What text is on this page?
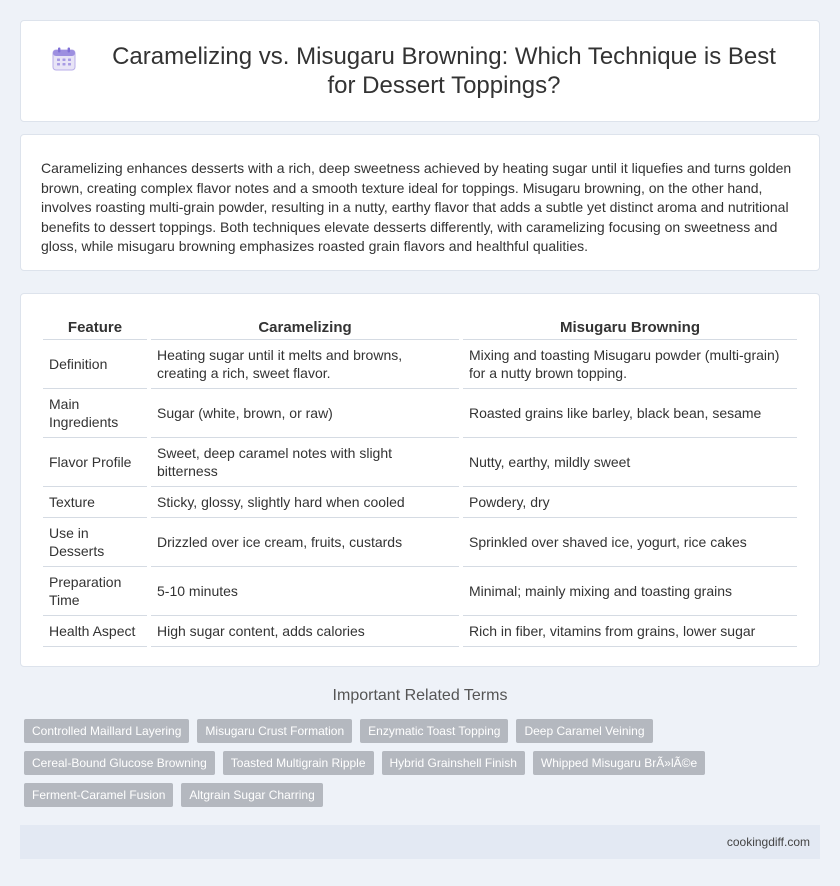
Caramelizing vs. Misugaru Browning: Which Technique is Best for Dessert Toppings?

Caramelizing enhances desserts with a rich, deep sweetness achieved by heating sugar until it liquefies and turns golden brown, creating complex flavor notes and a smooth texture ideal for toppings. Misugaru browning, on the other hand, involves roasting multi-grain powder, resulting in a nutty, earthy flavor that adds a subtle yet distinct aroma and nutritional benefits to dessert toppings. Both techniques elevate desserts differently, with caramelizing focusing on sweetness and gloss, while misugaru browning emphasizes roasted grain flavors and healthful qualities.

Feature	Caramelizing	Misugaru Browning
Definition	Heating sugar until it melts and browns, creating a rich, sweet flavor.	Mixing and toasting Misugaru powder (multi-grain) for a nutty brown topping.
Main Ingredients	Sugar (white, brown, or raw)	Roasted grains like barley, black bean, sesame
Flavor Profile	Sweet, deep caramel notes with slight bitterness	Nutty, earthy, mildly sweet
Texture	Sticky, glossy, slightly hard when cooled	Powdery, dry
Use in Desserts	Drizzled over ice cream, fruits, custards	Sprinkled over shaved ice, yogurt, rice cakes
Preparation Time	5-10 minutes	Minimal; mainly mixing and toasting grains
Health Aspect	High sugar content, adds calories	Rich in fiber, vitamins from grains, lower sugar
Important Related Terms
Controlled Maillard Layering	Misugaru Crust Formation	Enzymatic Toast Topping	Deep Caramel Veining
Cereal-Bound Glucose Browning	Toasted Multigrain Ripple	Hybrid Grainshell Finish	Whipped Misugaru BrÃ»lÃ©e
Ferment-Caramel Fusion	Altgrain Sugar Charring
cookingdiff.com
